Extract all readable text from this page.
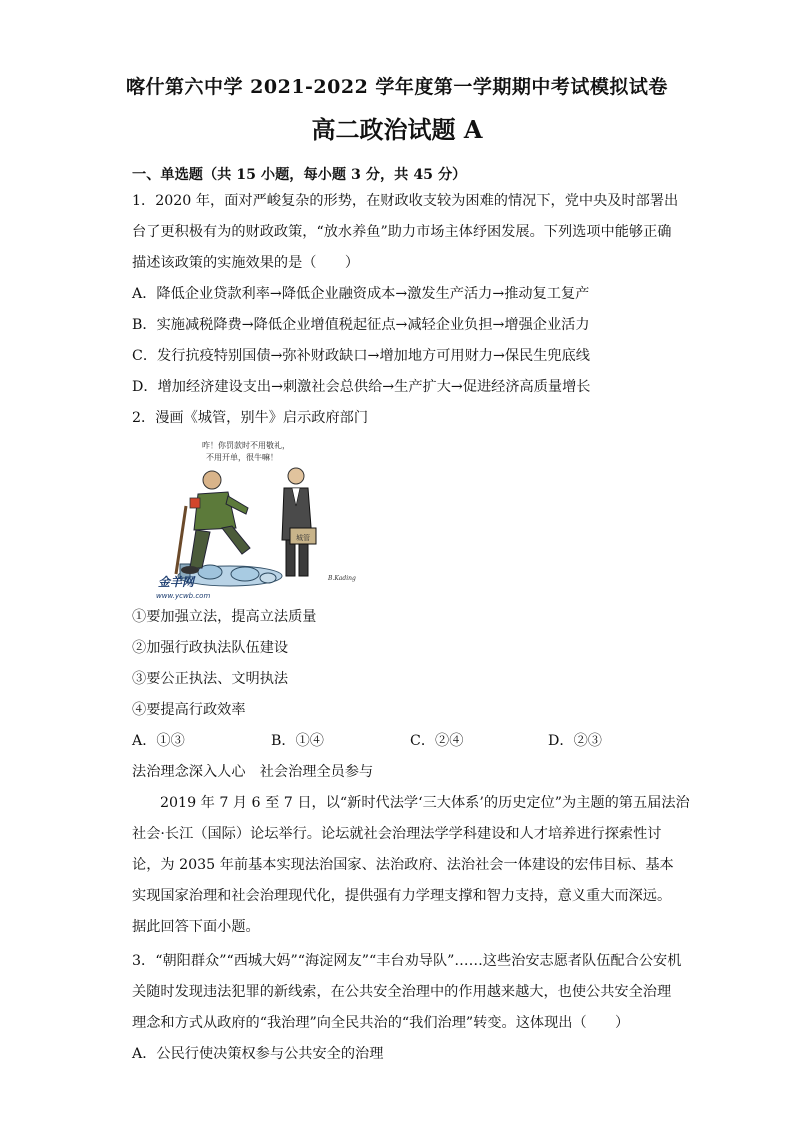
喀什第六中学 2021-2022 学年度第一学期期中考试模拟试卷
高二政治试题 A
一、单选题（共 15 小题，每小题 3 分，共 45 分）
1．2020 年，面对严峻复杂的形势，在财政收支较为困难的情况下，党中央及时部署出
台了更积极有为的财政政策，“放水养鱼”助力市场主体纾困发展。下列选项中能够正确
描述该政策的实施效果的是（　　）
A．降低企业贷款利率→降低企业融资成本→激发生产活力→推动复工复产
B．实施减税降费→降低企业增值税起征点→减轻企业负担→增强企业活力
C．发行抗疫特别国债→弥补财政缺口→增加地方可用财力→保民生兜底线
D．增加经济建设支出→刺激社会总供给→生产扩大→促进经济高质量增长
2．漫画《城管，别牛》启示政府部门
咋！你罚款时不用敬礼，
不用开单，很牛嘛！
城管
金羊网
www.ycwb.com
B.Kading
①要加强立法，提高立法质量
②加强行政执法队伍建设
③要公正执法、文明执法
④要提高行政效率
A．①③	B．①④	C．②④	D．②③
法治理念深入人心　社会治理全员参与
2019 年 7 月 6 至 7 日，以“新时代法学‘三大体系’的历史定位”为主题的第五届法治
社会·长江（国际）论坛举行。论坛就社会治理法学学科建设和人才培养进行探索性讨
论，为 2035 年前基本实现法治国家、法治政府、法治社会一体建设的宏伟目标、基本
实现国家治理和社会治理现代化，提供强有力学理支撑和智力支持，意义重大而深远。
据此回答下面小题。
3．“朝阳群众”“西城大妈”“海淀网友”“丰台劝导队”……这些治安志愿者队伍配合公安机
关随时发现违法犯罪的新线索，在公共安全治理中的作用越来越大，也使公共安全治理
理念和方式从政府的“我治理”向全民共治的“我们治理”转变。这体现出（　　）
A．公民行使决策权参与公共安全的治理
